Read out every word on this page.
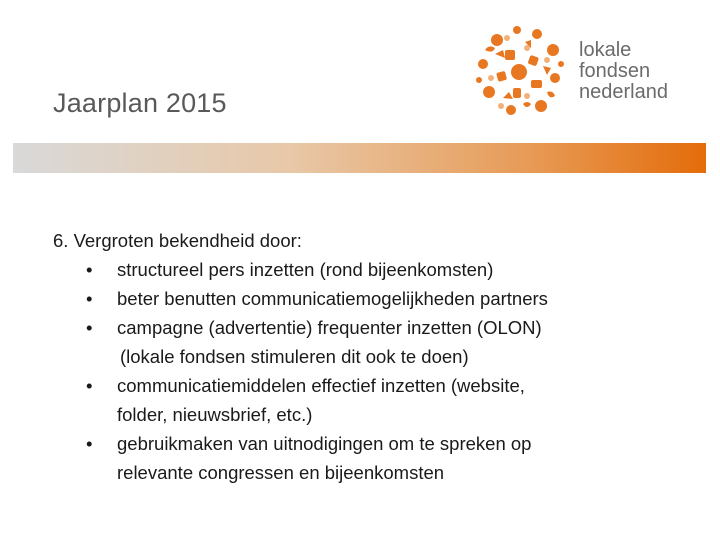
Jaarplan 2015
lokale
fondsen
nederland

6. Vergroten bekendheid door:

• structureel pers inzetten (rond bijeenkomsten)
• beter benutten communicatiemogelijkheden partners
• campagne (advertentie) frequenter inzetten (OLON)
(lokale fondsen stimuleren dit ook te doen)
• communicatiemiddelen effectief inzetten (website,
folder, nieuwsbrief, etc.)
• gebruikmaken van uitnodigingen om te spreken op
relevante congressen en bijeenkomsten
